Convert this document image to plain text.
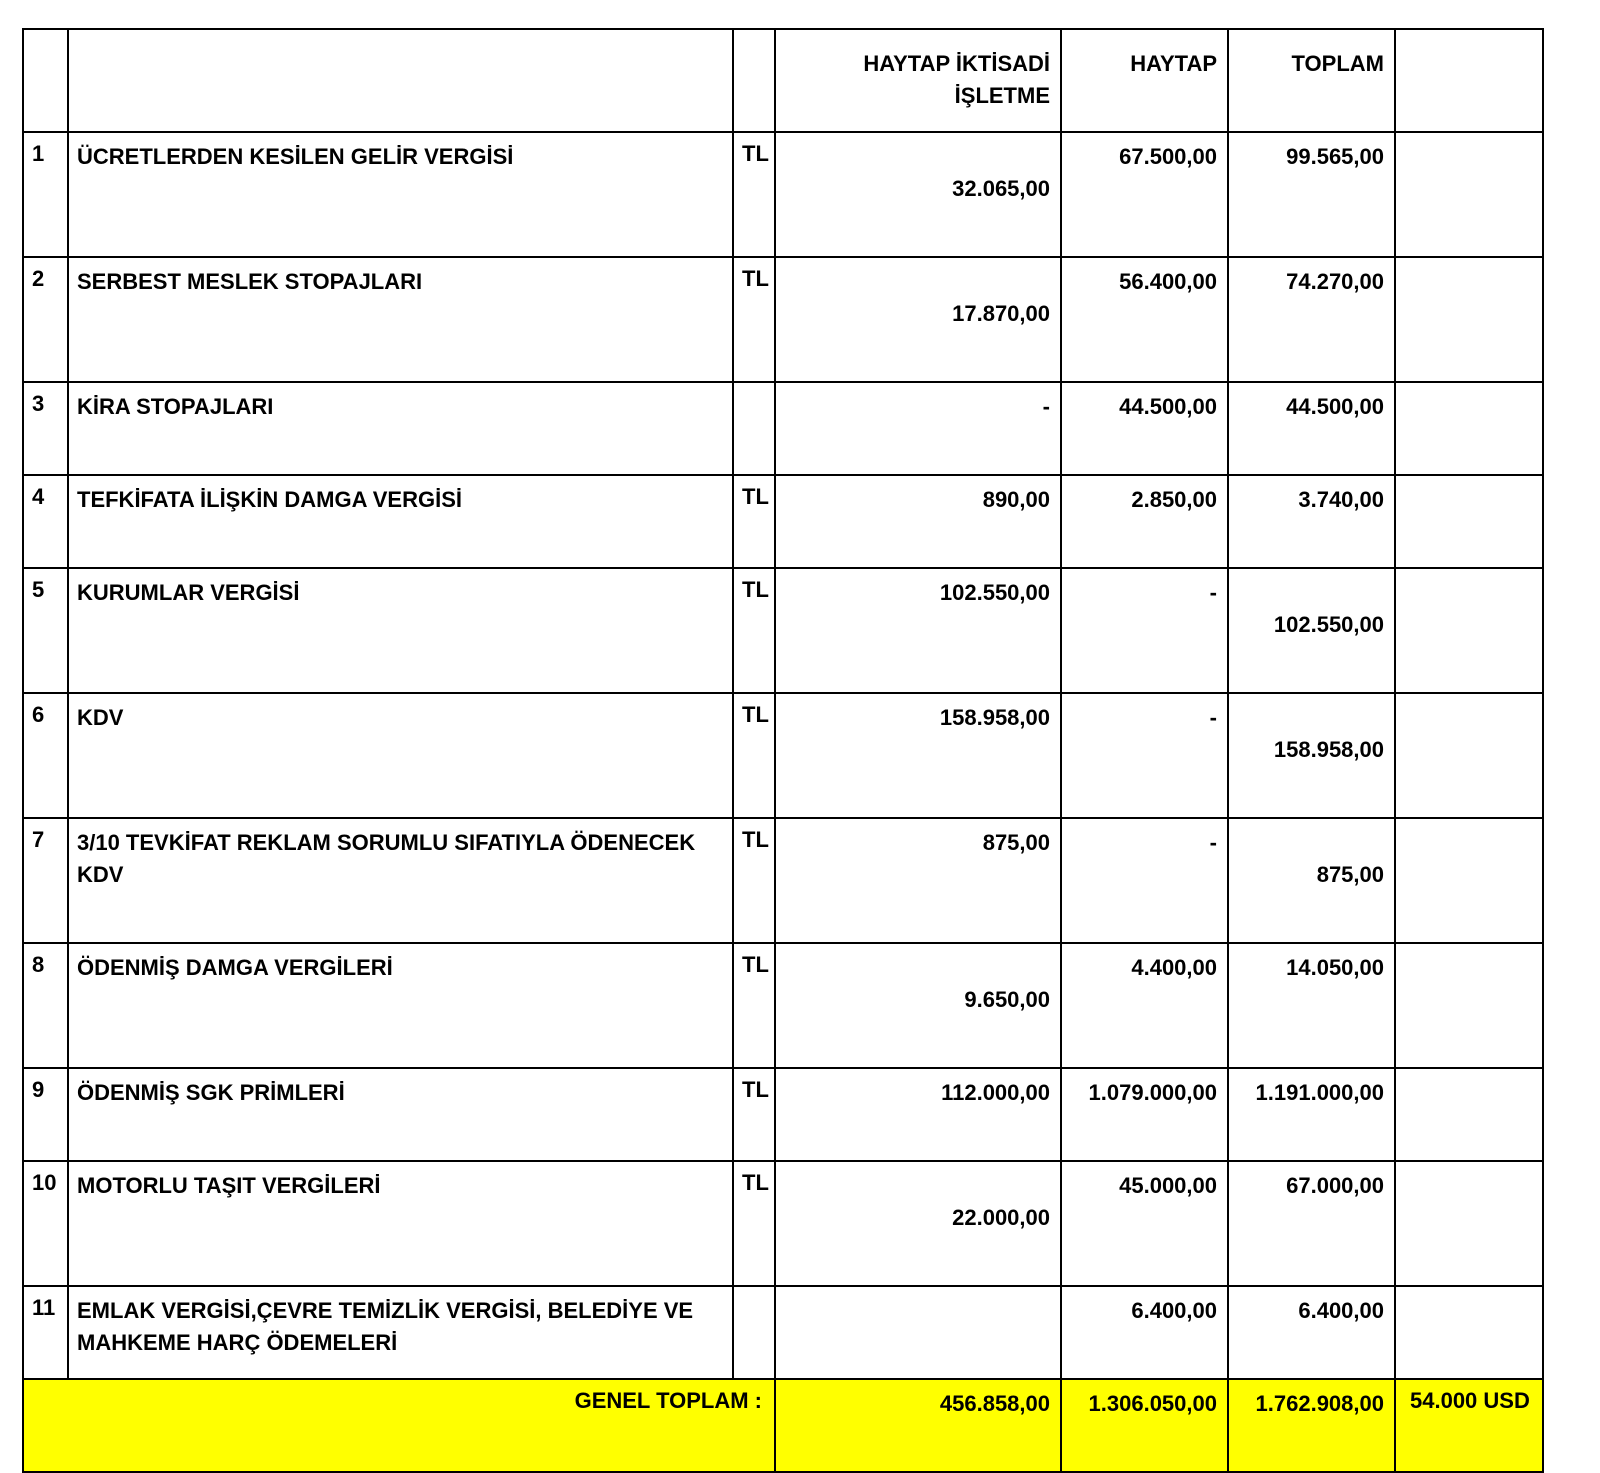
			HAYTAP İKTİSADİ
İŞLETME	HAYTAP	TOPLAM	
1	ÜCRETLERDEN KESİLEN GELİR VERGİSİ	TL	32.065,00	67.500,00	99.565,00	
2	SERBEST MESLEK STOPAJLARI	TL	17.870,00	56.400,00	74.270,00	
3	KİRA STOPAJLARI		-	44.500,00	44.500,00	
4	TEFKİFATA İLİŞKİN DAMGA VERGİSİ	TL	890,00	2.850,00	3.740,00	
5	KURUMLAR VERGİSİ	TL	102.550,00	-	102.550,00	
6	KDV	TL	158.958,00	-	158.958,00	
7	3/10 TEVKİFAT REKLAM SORUMLU SIFATIYLA ÖDENECEK KDV	TL	875,00	-	875,00	
8	ÖDENMİŞ DAMGA VERGİLERİ	TL	9.650,00	4.400,00	14.050,00	
9	ÖDENMİŞ SGK PRİMLERİ	TL	112.000,00	1.079.000,00	1.191.000,00	
10	MOTORLU TAŞIT VERGİLERİ	TL	22.000,00	45.000,00	67.000,00	
11	EMLAK VERGİSİ,ÇEVRE TEMİZLİK VERGİSİ, BELEDİYE VE MAHKEME HARÇ ÖDEMELERİ			6.400,00	6.400,00	
GENEL TOPLAM :			456.858,00	1.306.050,00	1.762.908,00	54.000 USD
